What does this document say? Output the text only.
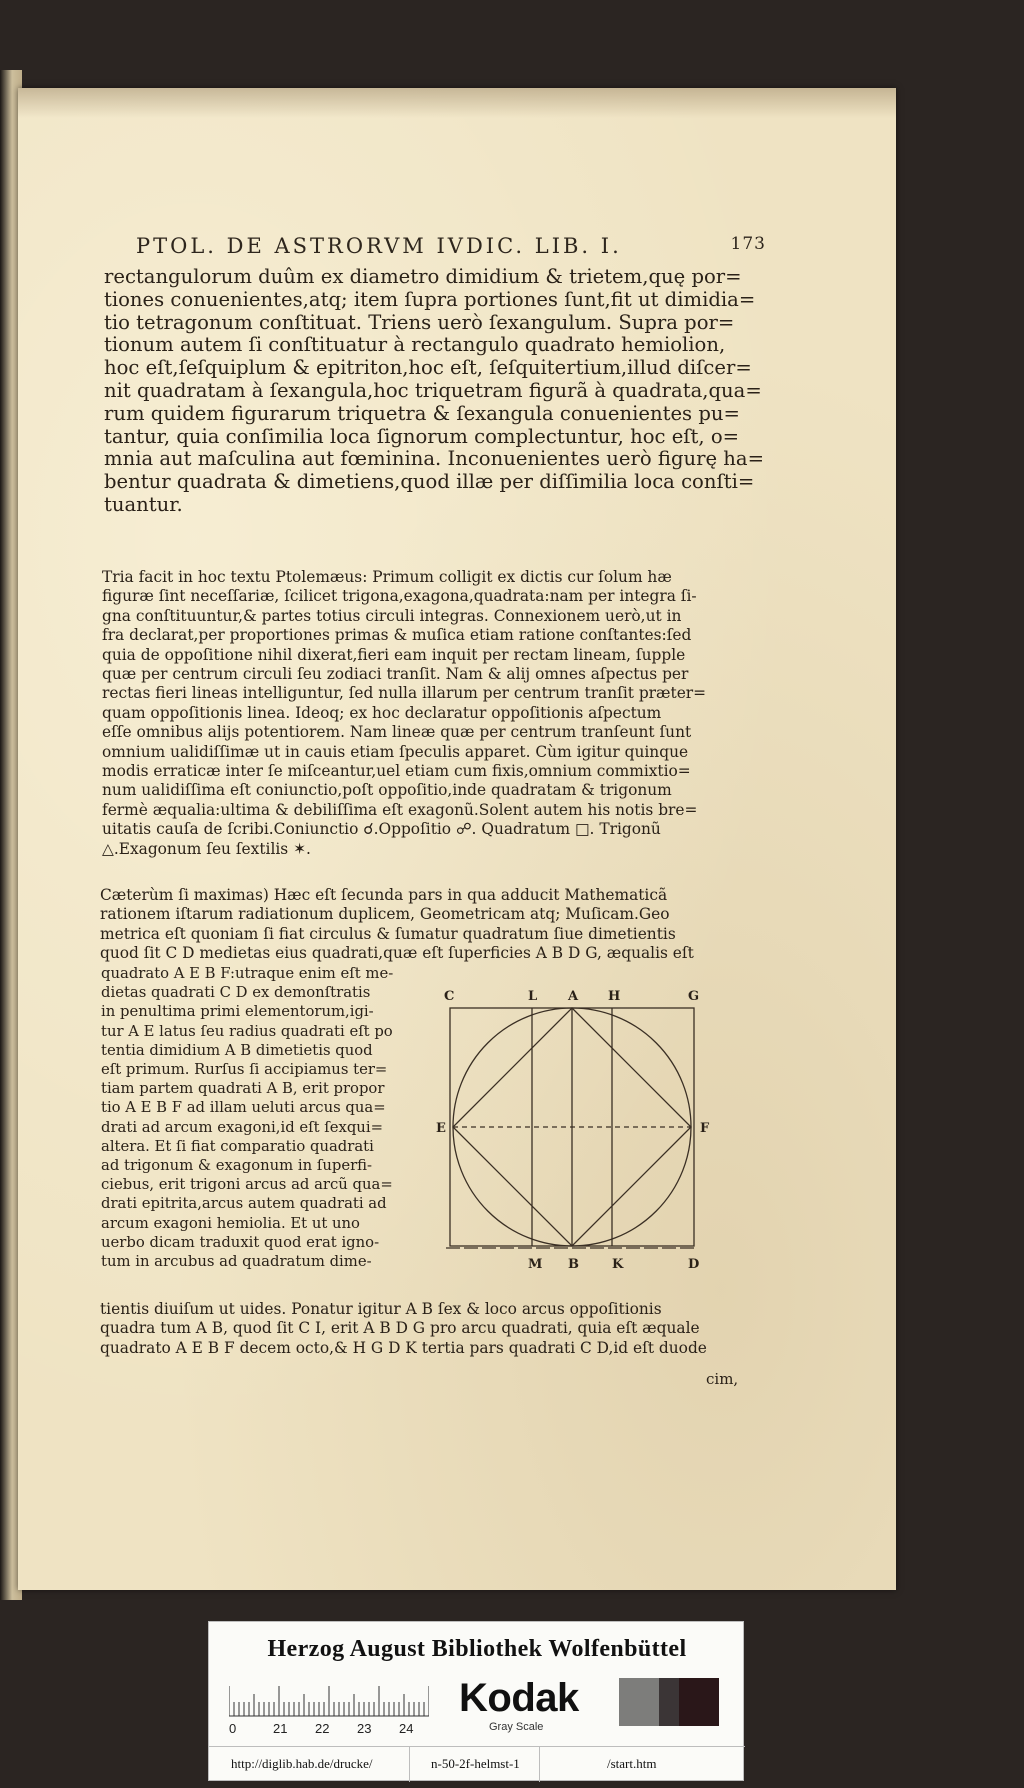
PTOL. DE ASTRORVM IVDIC. LIB. I.	173

rectangulorum duûm ex diametro dimidium & trietem,quę por=

tiones conuenientes,atq; item ſupra portiones ſunt,fit ut dimidia=

tio tetragonum conſtituat. Triens uerò ſexangulum. Supra por=

tionum autem ſi conſtituatur à rectangulo quadrato hemiolion,

hoc eſt,ſeſquiplum & epitriton,hoc eſt, ſeſquitertium,illud diſcer=

nit quadratam à ſexangula,hoc triquetram figurã à quadrata,qua=

rum quidem figurarum triquetra & ſexangula conuenientes pu=

tantur, quia conſimilia loca ſignorum complectuntur, hoc eſt, o=

mnia aut maſculina aut fœminina. Inconuenientes uerò figurę ha=

bentur quadrata & dimetiens,quod illæ per diſſimilia loca conſti=

tuantur.

Tria facit in hoc textu Ptolemæus: Primum colligit ex dictis cur ſolum hæ

figuræ ſint neceſſariæ, ſcilicet trigona,exagona,quadrata:nam per integra ſi-

gna conſtituuntur,& partes totius circuli integras. Connexionem uerò,ut in

fra declarat,per proportiones primas & muſica etiam ratione conſtantes:ſed

quia de oppoſitione nihil dixerat,fieri eam inquit per rectam lineam, ſupple

quæ per centrum circuli ſeu zodiaci tranſit. Nam & alij omnes aſpectus per

rectas fieri lineas intelliguntur, ſed nulla illarum per centrum tranſit præter=

quam oppoſitionis linea. Ideoq; ex hoc declaratur oppoſitionis aſpectum

eſſe omnibus alijs potentiorem. Nam lineæ quæ per centrum tranſeunt ſunt

omnium ualidiſſimæ ut in cauis etiam ſpeculis apparet. Cùm igitur quinque

modis erraticæ inter ſe miſceantur,uel etiam cum fixis,omnium commixtio=

num ualidiſſima eſt coniunctio,poſt oppoſitio,inde quadratam & trigonum

fermè æqualia:ultima & debiliſſima eſt exagonũ.Solent autem his notis bre=

uitatis cauſa de ſcribi.Coniunctio ☌.Oppoſitio ☍. Quadratum □. Trigonũ

△.Exagonum ſeu ſextilis ✶.

Cæterùm ſi maximas) Hæc eſt ſecunda pars in qua adducit Mathematicã

rationem iſtarum radiationum duplicem, Geometricam atq; Muſicam.Geo

metrica eſt quoniam ſi fiat circulus & ſumatur quadratum ſiue dimetientis

quod ſit C D medietas eius quadrati,quæ eſt ſuperficies A B D G, æqualis eſt

quadrato A E B F:utraque enim eſt me-

dietas quadrati C D ex demonſtratis

in penultima primi elementorum,igi-

tur A E latus ſeu radius quadrati eſt po

tentia dimidium A B dimetietis quod

eſt primum. Rurſus ſi accipiamus ter=

tiam partem quadrati A B, erit propor

tio A E B F ad illam ueluti arcus qua=

drati ad arcum exagoni,id eſt ſexqui=

altera. Et ſi fiat comparatio quadrati

ad trigonum & exagonum in ſuperfi-

ciebus, erit trigoni arcus ad arcũ qua=

drati epitrita,arcus autem quadrati ad

arcum exagoni hemiolia. Et ut uno

uerbo dicam traduxit quod erat igno-

tum in arcubus ad quadratum dime-

C	L A H	G
E	F
M B	K	D

tientis diuiſum ut uides. Ponatur igitur A B ſex & loco arcus oppoſitionis

quadra tum A B, quod ſit C I, erit A B D G pro arcu quadrati, quia eſt æquale

quadrato A E B F decem octo,& H G D K tertia pars quadrati C D,id eſt duode

cim,
Herzog August Bibliothek Wolfenbüttel
0	21 22 23 24
Kodak
Gray Scale
http://diglib.hab.de/drucke/	n-50-2f-helmst-1	/start.htm
